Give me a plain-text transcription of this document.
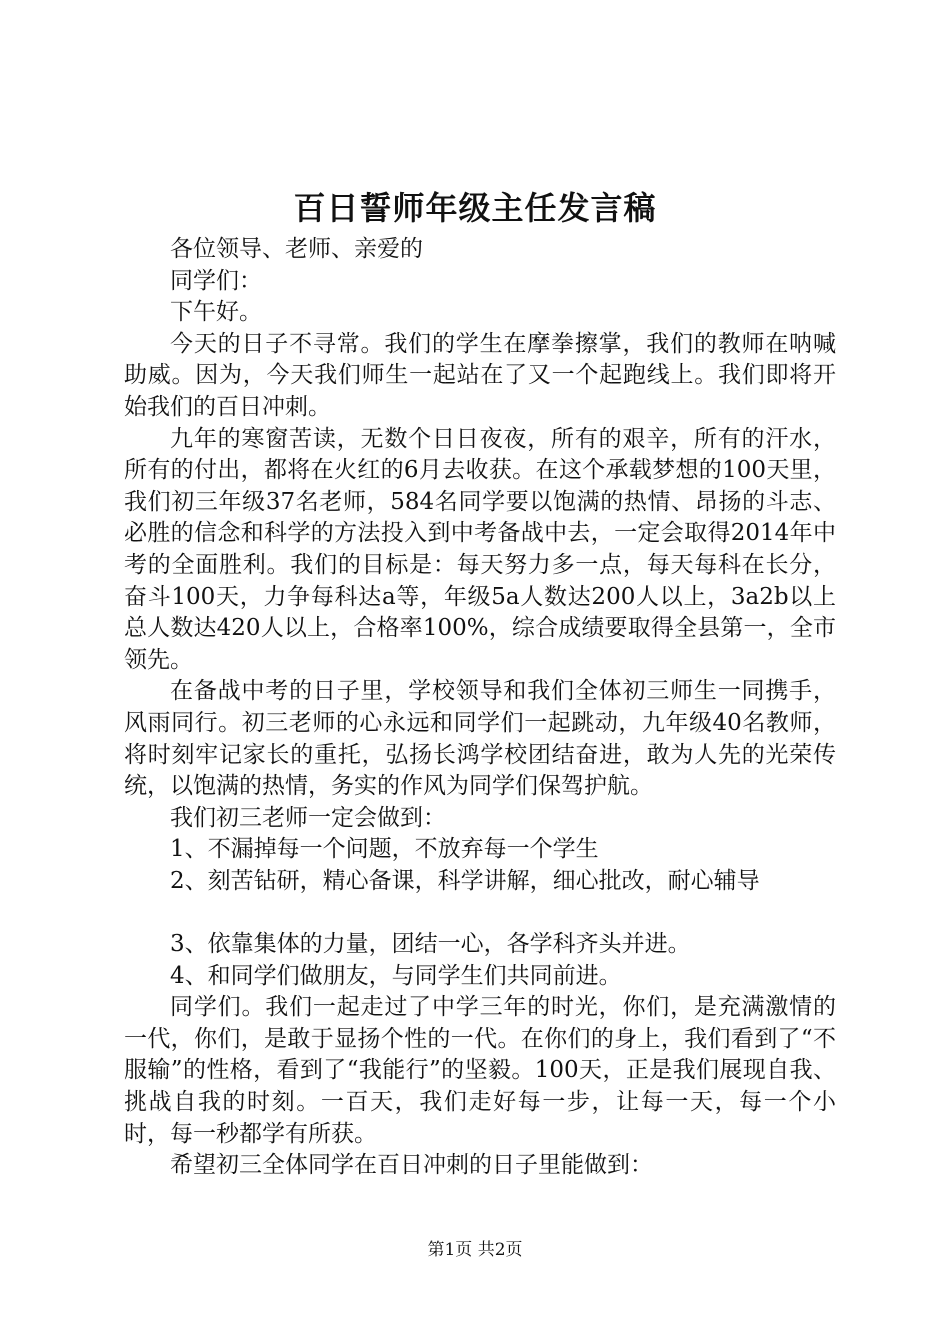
百日誓师年级主任发言稿

各位领导、老师、亲爱的

同学们：

下午好。

今天的日子不寻常。我们的学生在摩拳擦掌，我们的教师在呐喊助威。因为，今天我们师生一起站在了又一个起跑线上。我们即将开始我们的百日冲刺。

九年的寒窗苦读，无数个日日夜夜，所有的艰辛，所有的汗水，所有的付出，都将在火红的6月去收获。在这个承载梦想的100天里，我们初三年级37名老师，584名同学要以饱满的热情、昂扬的斗志、必胜的信念和科学的方法投入到中考备战中去，一定会取得2014年中考的全面胜利。我们的目标是：每天努力多一点，每天每科在长分，奋斗100天，力争每科达a等，年级5a人数达200人以上，3a2b以上总人数达420人以上，合格率100%，综合成绩要取得全县第一，全市领先。

在备战中考的日子里，学校领导和我们全体初三师生一同携手，风雨同行。初三老师的心永远和同学们一起跳动，九年级40名教师，将时刻牢记家长的重托，弘扬长鸿学校团结奋进，敢为人先的光荣传统，以饱满的热情，务实的作风为同学们保驾护航。

我们初三老师一定会做到：

1、不漏掉每一个问题，不放弃每一个学生

2、刻苦钻研，精心备课，科学讲解，细心批改，耐心辅导

3、依靠集体的力量，团结一心，各学科齐头并进。

4、和同学们做朋友，与同学生们共同前进。

同学们。我们一起走过了中学三年的时光，你们，是充满激情的一代，你们，是敢于显扬个性的一代。在你们的身上，我们看到了“不服输”的性格，看到了“我能行”的坚毅。100天，正是我们展现自我、挑战自我的时刻。一百天，我们走好每一步，让每一天，每一个小时，每一秒都学有所获。

希望初三全体同学在百日冲刺的日子里能做到：

第1页 共2页
